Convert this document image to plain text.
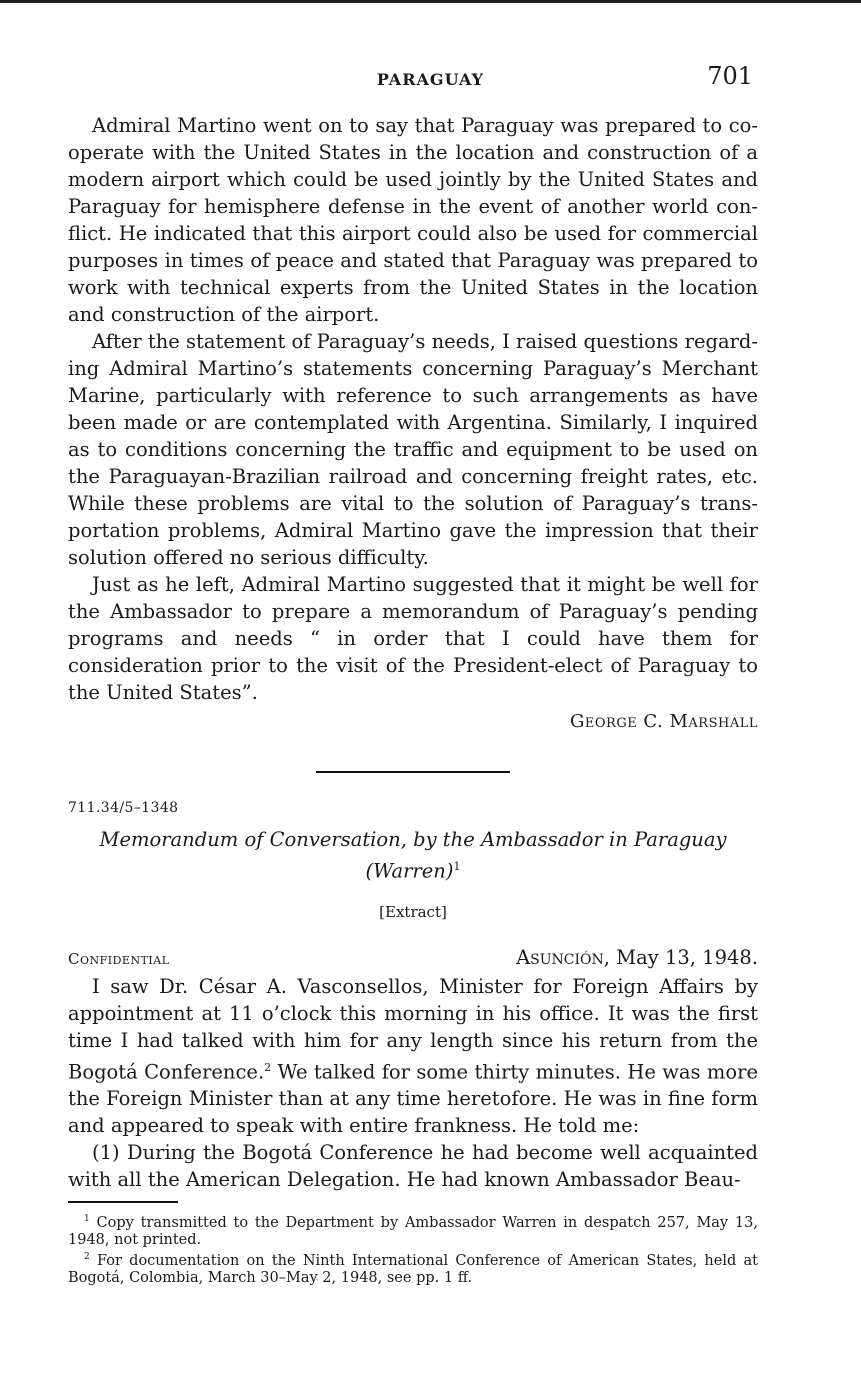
PARAGUAY	701

Admiral Martino went on to say that Paraguay was prepared to co-operate with the United States in the location and construction of a modern airport which could be used jointly by the United States and Paraguay for hemisphere defense in the event of another world con-flict. He indicated that this airport could also be used for commercial purposes in times of peace and stated that Paraguay was prepared to work with technical experts from the United States in the location and construction of the airport.

After the statement of Paraguay’s needs, I raised questions regard-ing Admiral Martino’s statements concerning Paraguay’s Merchant Marine, particularly with reference to such arrangements as have been made or are contemplated with Argentina. Similarly, I inquired as to conditions concerning the traffic and equipment to be used on the Paraguayan-Brazilian railroad and concerning freight rates, etc. While these problems are vital to the solution of Paraguay’s trans-portation problems, Admiral Martino gave the impression that their solution offered no serious difficulty.

Just as he left, Admiral Martino suggested that it might be well for the Ambassador to prepare a memorandum of Paraguay’s pending programs and needs “ in order that I could have them for consideration prior to the visit of the President-elect of Paraguay to the United States”.

George C. Marshall
711.34/5–1348
Memorandum of Conversation, by the Ambassador in Paraguay
(Warren)$^1$
[Extract]
Confidential	Asunción, May 13, 1948.

I saw Dr. César A. Vasconsellos, Minister for Foreign Affairs by appointment at 11 o’clock this morning in his office. It was the first time I had talked with him for any length since his return from the Bogotá Conference.$^2$ We talked for some thirty minutes. He was more the Foreign Minister than at any time heretofore. He was in fine form and appeared to speak with entire frankness. He told me:

(1) During the Bogotá Conference he had become well acquainted with all the American Delegation. He had known Ambassador Beau-

$^1$ Copy transmitted to the Department by Ambassador Warren in despatch 257, May 13, 1948, not printed.

$^2$ For documentation on the Ninth International Conference of American States, held at Bogotá, Colombia, March 30–May 2, 1948, see pp. 1 ff.
